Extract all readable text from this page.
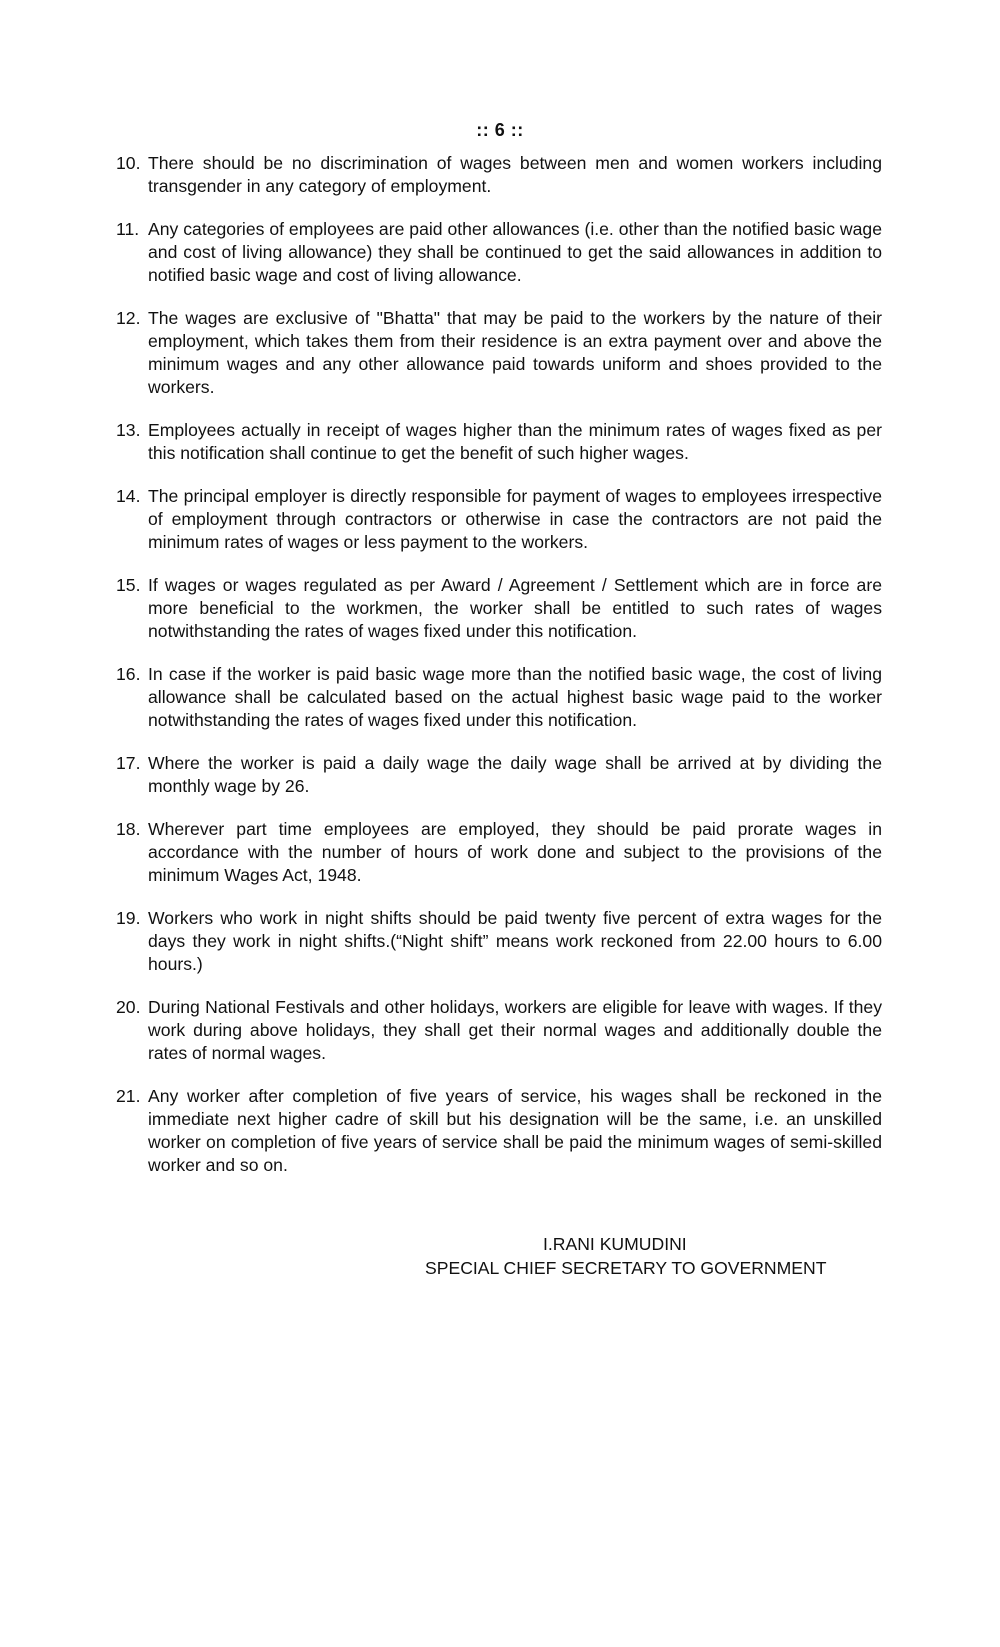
:: 6 ::
10. There should be no discrimination of wages between men and women workers including transgender in any category of employment.
11. Any categories of employees are paid other allowances (i.e. other than the notified basic wage and cost of living allowance) they shall be continued to get the said allowances in addition to notified basic wage and cost of living allowance.
12. The wages are exclusive of "Bhatta" that may be paid to the workers by the nature of their employment, which takes them from their residence is an extra payment over and above the minimum wages and any other allowance paid towards uniform and shoes provided to the workers.
13. Employees actually in receipt of wages higher than the minimum rates of wages fixed as per this notification shall continue to get the benefit of such higher wages.
14. The principal employer is directly responsible for payment of wages to employees irrespective of employment through contractors or otherwise in case the contractors are not paid the minimum rates of wages or less payment to the workers.
15. If wages or wages regulated as per Award / Agreement / Settlement which are in force are more beneficial to the workmen, the worker shall be entitled to such rates of wages notwithstanding the rates of wages fixed under this notification.
16. In case if the worker is paid basic wage more than the notified basic wage, the cost of living allowance shall be calculated based on the actual highest basic wage paid to the worker notwithstanding the rates of wages fixed under this notification.
17. Where the worker is paid a daily wage the daily wage shall be arrived at by dividing the monthly wage by 26.
18. Wherever part time employees are employed, they should be paid prorate wages in accordance with the number of hours of work done and subject to the provisions of the minimum Wages Act, 1948.
19. Workers who work in night shifts should be paid twenty five percent of extra wages for the days they work in night shifts.(“Night shift” means work reckoned from 22.00 hours to 6.00 hours.)
20. During National Festivals and other holidays, workers are eligible for leave with wages. If they work during above holidays, they shall get their normal wages and additionally double the rates of normal wages.
21. Any worker after completion of five years of service, his wages shall be reckoned in the immediate next higher cadre of skill but his designation will be the same, i.e. an unskilled worker on completion of five years of service shall be paid the minimum wages of semi-skilled worker and so on.
I.RANI KUMUDINI
SPECIAL CHIEF SECRETARY TO GOVERNMENT
